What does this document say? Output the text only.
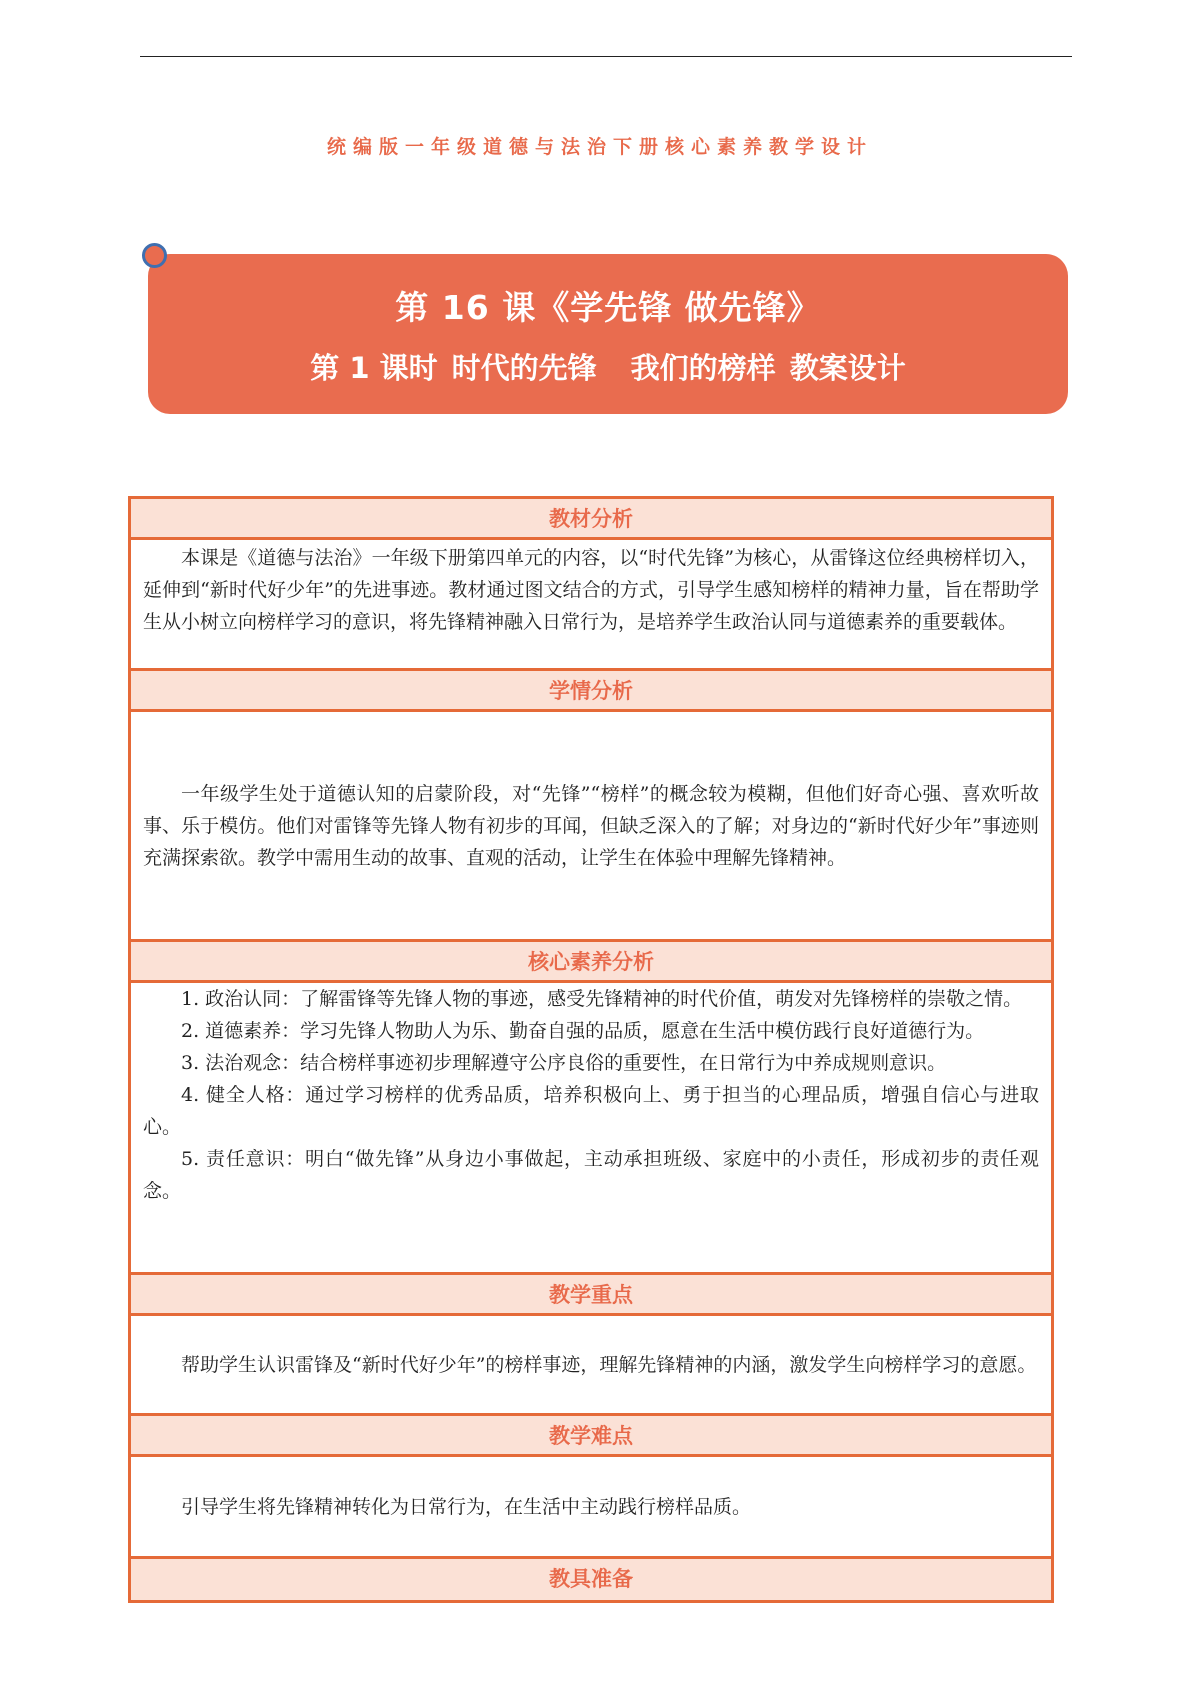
统编版一年级道德与法治下册核心素养教学设计
第 16 课《学先锋 做先锋》
第 1 课时 时代的先锋 我们的榜样 教案设计
教材分析

本课是《道德与法治》一年级下册第四单元的内容，以“时代先锋”为核心，从雷锋这位经典榜样切入，延伸到“新时代好少年”的先进事迹。教材通过图文结合的方式，引导学生感知榜样的精神力量，旨在帮助学生从小树立向榜样学习的意识，将先锋精神融入日常行为，是培养学生政治认同与道德素养的重要载体。

学情分析

一年级学生处于道德认知的启蒙阶段，对“先锋”“榜样”的概念较为模糊，但他们好奇心强、喜欢听故事、乐于模仿。他们对雷锋等先锋人物有初步的耳闻，但缺乏深入的了解；对身边的“新时代好少年”事迹则充满探索欲。教学中需用生动的故事、直观的活动，让学生在体验中理解先锋精神。

核心素养分析

1. 政治认同：了解雷锋等先锋人物的事迹，感受先锋精神的时代价值，萌发对先锋榜样的崇敬之情。

2. 道德素养：学习先锋人物助人为乐、勤奋自强的品质，愿意在生活中模仿践行良好道德行为。

3. 法治观念：结合榜样事迹初步理解遵守公序良俗的重要性，在日常行为中养成规则意识。

4. 健全人格：通过学习榜样的优秀品质，培养积极向上、勇于担当的心理品质，增强自信心与进取心。

5. 责任意识：明白“做先锋”从身边小事做起，主动承担班级、家庭中的小责任，形成初步的责任观念。

教学重点

帮助学生认识雷锋及“新时代好少年”的榜样事迹，理解先锋精神的内涵，激发学生向榜样学习的意愿。

教学难点

引导学生将先锋精神转化为日常行为，在生活中主动践行榜样品质。

教具准备
